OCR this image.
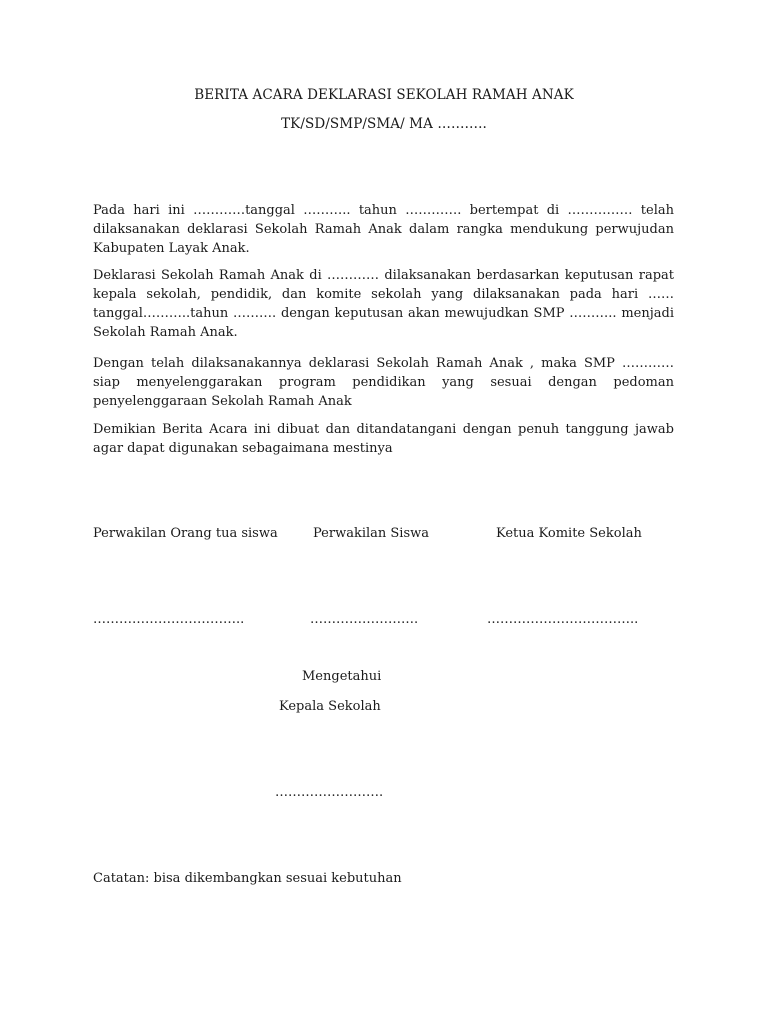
BERITA ACARA DEKLARASI SEKOLAH RAMAH ANAK
TK/SD/SMP/SMA/ MA ………..
Pada hari ini …………tanggal ……….. tahun …………. bertempat di …………… telah dilaksanakan deklarasi Sekolah Ramah Anak dalam rangka mendukung perwujudan Kabupaten Layak Anak.
Deklarasi Sekolah Ramah Anak di ………… dilaksanakan berdasarkan keputusan rapat kepala sekolah, pendidik, dan komite sekolah yang dilaksanakan pada hari ……tanggal………..tahun ………. dengan keputusan akan mewujudkan SMP ……….. menjadi Sekolah Ramah Anak.
Dengan telah dilaksanakannya deklarasi Sekolah Ramah Anak , maka SMP ………… siap menyelenggarakan program pendidikan yang sesuai dengan pedoman penyelenggaraan Sekolah Ramah Anak
Demikian Berita Acara ini dibuat dan ditandatangani dengan penuh tanggung jawab agar dapat digunakan sebagaimana mestinya
Perwakilan Orang tua siswa	Perwakilan Siswa	Ketua Komite Sekolah
……………………………..	…………………….	……………………………..
Mengetahui
Kepala Sekolah
…………………….
Catatan: bisa dikembangkan sesuai kebutuhan
